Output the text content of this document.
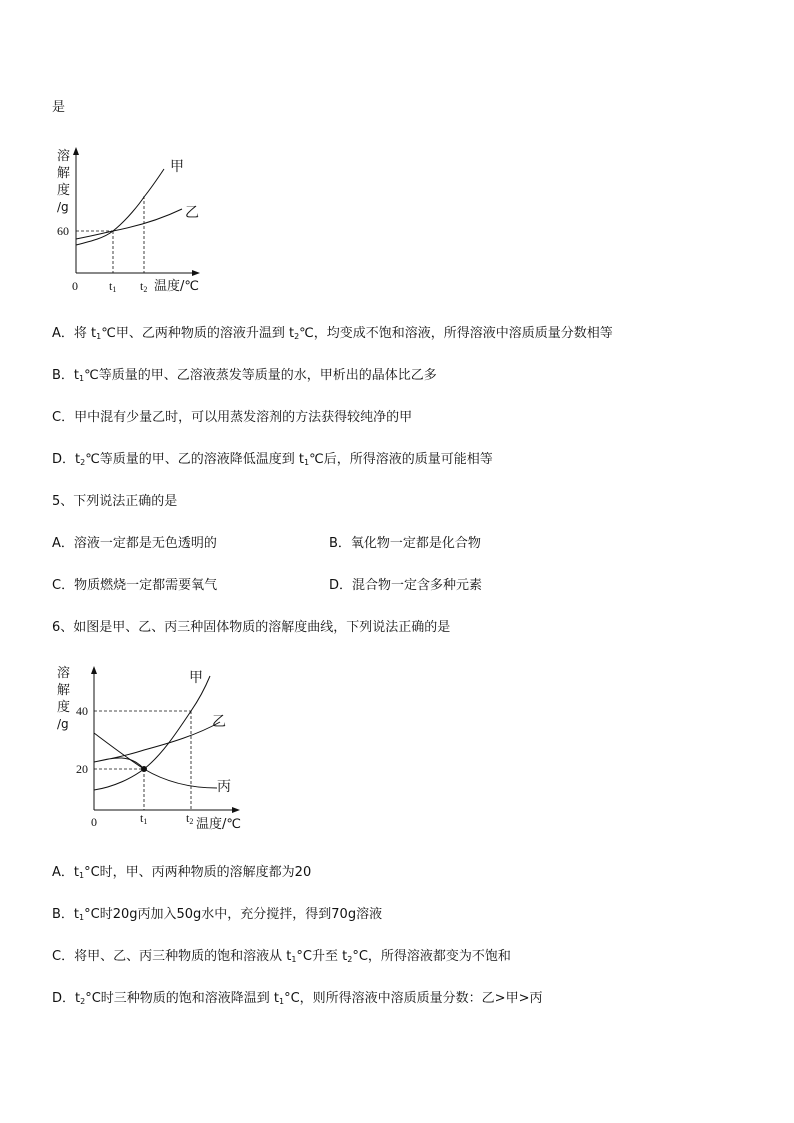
是
溶
解
度
/g
甲
乙
60
0	t1 t2 温度/℃
A．将 $t_1℃$甲、乙两种物质的溶液升温到 $t_2℃$，均变成不饱和溶液，所得溶液中溶质质量分数相等
B．$t_1℃$等质量的甲、乙溶液蒸发等质量的水，甲析出的晶体比乙多
C．甲中混有少量乙时，可以用蒸发溶剂的方法获得较纯净的甲
D．$t_2℃$等质量的甲、乙的溶液降低温度到 $t_1℃$后，所得溶液的质量可能相等
5、下列说法正确的是
A．溶液一定都是无色透明的	B．氧化物一定都是化合物
C．物质燃烧一定都需要氧气	D．混合物一定含多种元素
6、如图是甲、乙、丙三种固体物质的溶解度曲线，下列说法正确的是
溶
解
度
/g
甲
乙
丙
40
20
0	t1	t2 温度/℃
A．$t_1^\circ C$时，甲、丙两种物质的溶解度都为20
B．$t_1^\circ C$时20g丙加入50g水中，充分搅拌，得到70g溶液
C．将甲、乙、丙三种物质的饱和溶液从 $t_1^\circ C$升至 $t_2^\circ C$，所得溶液都变为不饱和
D．$t_2^\circ C$时三种物质的饱和溶液降温到 $t_1^\circ C$，则所得溶液中溶质质量分数：乙>甲>丙
